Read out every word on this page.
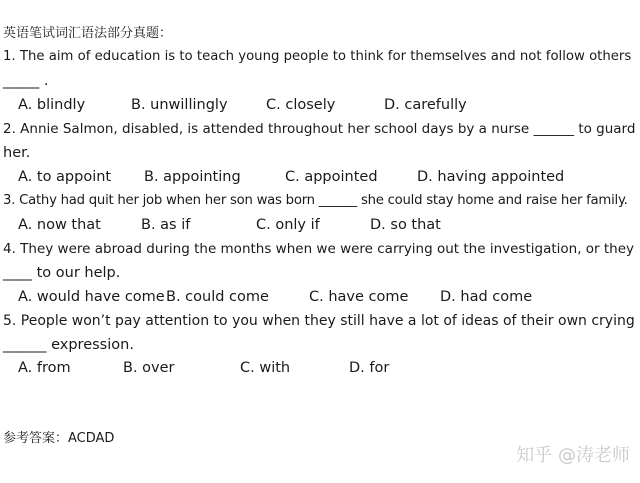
英语笔试词汇语法部分真题：
1. The aim of education is to teach young people to think for themselves and not follow others
_____ .
A. blindly	B. unwillingly	C. closely	D. carefully
2. Annie Salmon, disabled, is attended throughout her school days by a nurse ______ to guard
her.
A. to appoint B. appointing	C. appointed	D. having appointed
3. Cathy had quit her job when her son was born ______ she could stay home and raise her family.
A. now that	B. as if	C. only if	D. so that
4. They were abroad during the months when we were carrying out the investigation, or they
____ to our help.
A. would have come B. could come	C. have come D. had come
5. People won’t pay attention to you when they still have a lot of ideas of their own crying
______ expression.
A. from	B. over	C. with	D. for
参考答案：ACDAD
知乎 @涛老师
